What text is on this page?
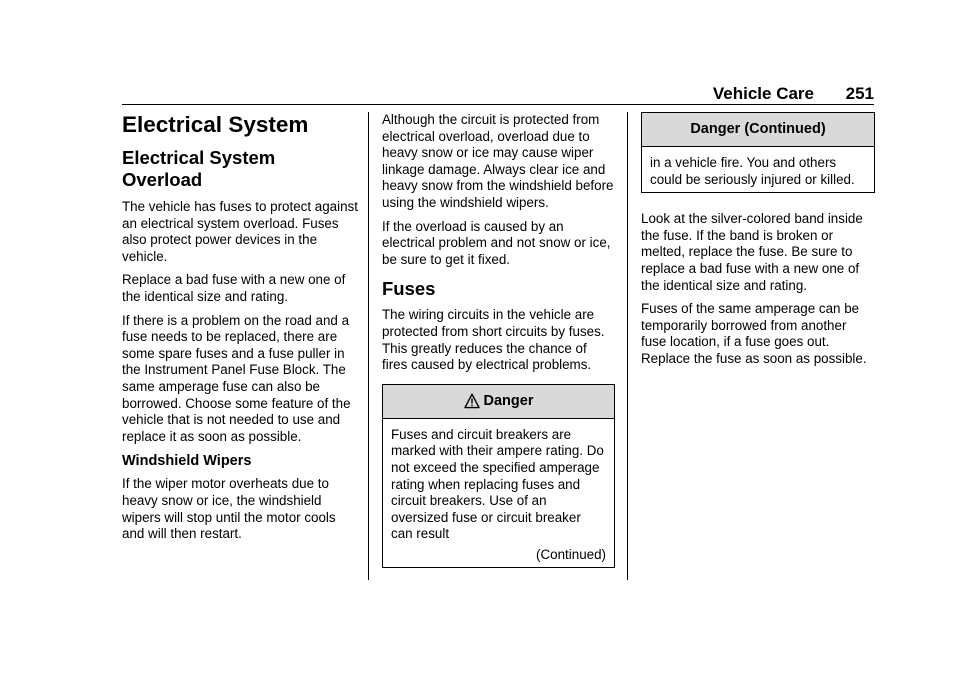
Vehicle Care 251
Electrical System
Electrical System
Overload

The vehicle has fuses to protect against an electrical system overload. Fuses also protect power devices in the vehicle.

Replace a bad fuse with a new one of the identical size and rating.

If there is a problem on the road and a fuse needs to be replaced, there are some spare fuses and a fuse puller in the Instrument Panel Fuse Block. The same amperage fuse can also be borrowed. Choose some feature of the vehicle that is not needed to use and replace it as soon as possible.

Windshield Wipers

If the wiper motor overheats due to heavy snow or ice, the windshield wipers will stop until the motor cools and will then restart.

Although the circuit is protected from electrical overload, overload due to heavy snow or ice may cause wiper linkage damage. Always clear ice and heavy snow from the windshield before using the windshield wipers.

If the overload is caused by an electrical problem and not snow or ice, be sure to get it fixed.

Fuses

The wiring circuits in the vehicle are protected from short circuits by fuses. This greatly reduces the chance of fires caused by electrical problems.

Danger

Fuses and circuit breakers are marked with their ampere rating. Do not exceed the specified amperage rating when replacing fuses and circuit breakers. Use of an oversized fuse or circuit breaker can result

(Continued)
Danger (Continued)

in a vehicle fire. You and others could be seriously injured or killed.

Look at the silver-colored band inside the fuse. If the band is broken or melted, replace the fuse. Be sure to replace a bad fuse with a new one of the identical size and rating.

Fuses of the same amperage can be temporarily borrowed from another fuse location, if a fuse goes out. Replace the fuse as soon as possible.
